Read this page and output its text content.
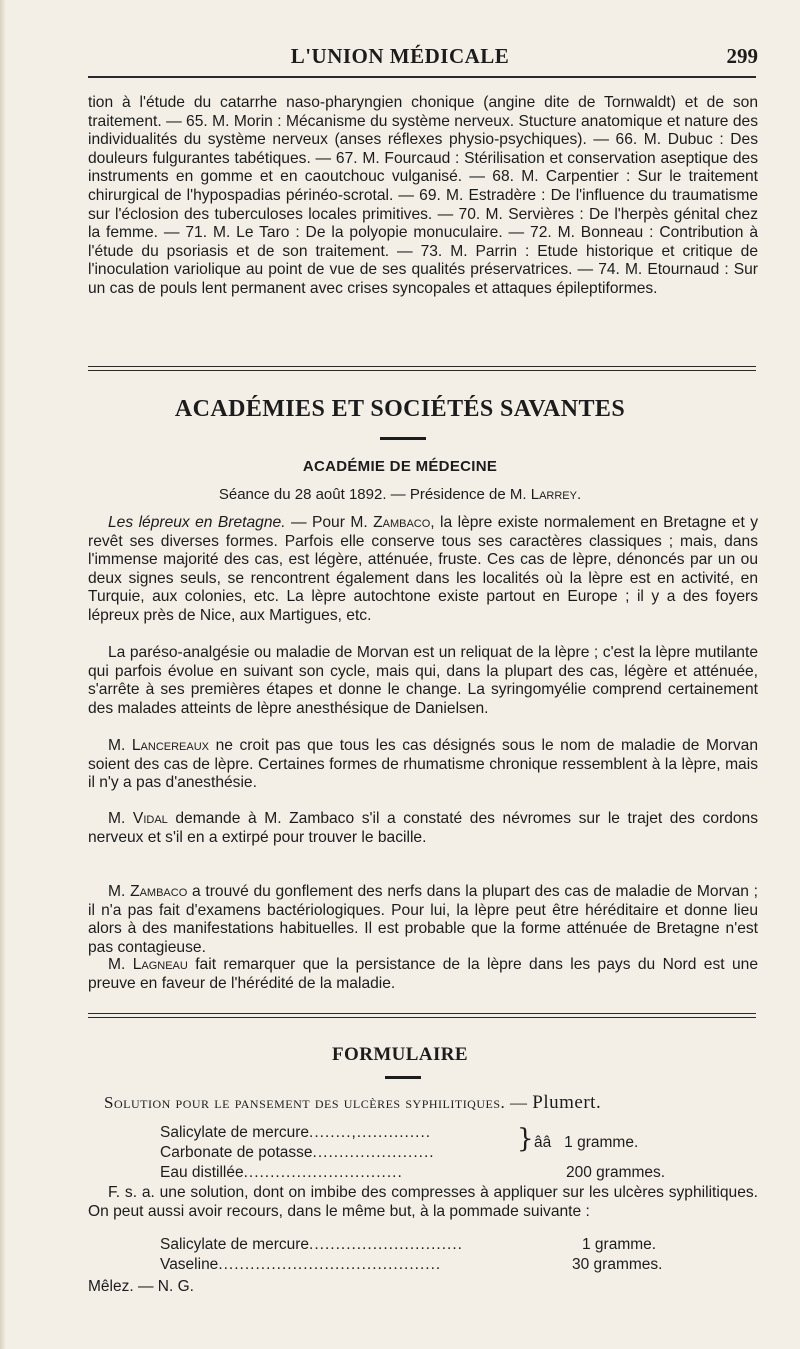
L'UNION MÉDICALE	299
tion à l'étude du catarrhe naso-pharyngien chonique (angine dite de Tornwaldt) et de son traitement. — 65. M. Morin : Mécanisme du système nerveux. Stucture anatomique et nature des individualités du système nerveux (anses réflexes physio-psychiques). — 66. M. Dubuc : Des douleurs fulgurantes tabétiques. — 67. M. Fourcaud : Stérilisation et conservation aseptique des instruments en gomme et en caoutchouc vulganisé. — 68. M. Carpentier : Sur le traitement chirurgical de l'hypospadias périnéo-scrotal. — 69. M. Estradère : De l'influence du traumatisme sur l'éclosion des tuberculoses locales primitives. — 70. M. Servières : De l'herpès génital chez la femme. — 71. M. Le Taro : De la polyopie monuculaire. — 72. M. Bonneau : Contribution à l'étude du psoriasis et de son traitement. — 73. M. Parrin : Etude historique et critique de l'inoculation variolique au point de vue de ses qualités préservatrices. — 74. M. Etournaud : Sur un cas de pouls lent permanent avec crises syncopales et attaques épileptiformes.
ACADÉMIES ET SOCIÉTÉS SAVANTES
ACADÉMIE DE MÉDECINE
Séance du 28 août 1892. — Présidence de M. Larrey.
Les lépreux en Bretagne. — Pour M. Zambaco, la lèpre existe normalement en Bretagne et y revêt ses diverses formes. Parfois elle conserve tous ses caractères classiques ; mais, dans l'immense majorité des cas, est légère, atténuée, fruste. Ces cas de lèpre, dénoncés par un ou deux signes seuls, se rencontrent également dans les localités où la lèpre est en activité, en Turquie, aux colonies, etc. La lèpre autochtone existe partout en Europe ; il y a des foyers lépreux près de Nice, aux Martigues, etc.
La paréso-analgésie ou maladie de Morvan est un reliquat de la lèpre ; c'est la lèpre mutilante qui parfois évolue en suivant son cycle, mais qui, dans la plupart des cas, légère et atténuée, s'arrête à ses premières étapes et donne le change. La syringomyélie comprend certainement des malades atteints de lèpre anesthésique de Danielsen.
M. Lancereaux ne croit pas que tous les cas désignés sous le nom de maladie de Morvan soient des cas de lèpre. Certaines formes de rhumatisme chronique ressemblent à la lèpre, mais il n'y a pas d'anesthésie.
M. Vidal demande à M. Zambaco s'il a constaté des névromes sur le trajet des cordons nerveux et s'il en a extirpé pour trouver le bacille.
M. Zambaco a trouvé du gonflement des nerfs dans la plupart des cas de maladie de Morvan ; il n'a pas fait d'examens bactériologiques. Pour lui, la lèpre peut être héréditaire et donne lieu alors à des manifestations habituelles. Il est probable que la forme atténuée de Bretagne n'est pas contagieuse.
M. Lagneau fait remarquer que la persistance de la lèpre dans les pays du Nord est une preuve en faveur de l'hérédité de la maladie.
FORMULAIRE
Solution pour le pansement des ulcères syphilitiques. — Plumert.
Salicylate de mercure........,..............
Carbonate de potasse.......................	} ââ 1 gramme.
Eau distillée..............................	200 grammes.
F. s. a. une solution, dont on imbibe des compresses à appliquer sur les ulcères syphilitiques. On peut aussi avoir recours, dans le même but, à la pommade suivante :
Salicylate de mercure.............................	1 gramme.
Vaseline..........................................	30 grammes.
Mêlez. — N. G.
